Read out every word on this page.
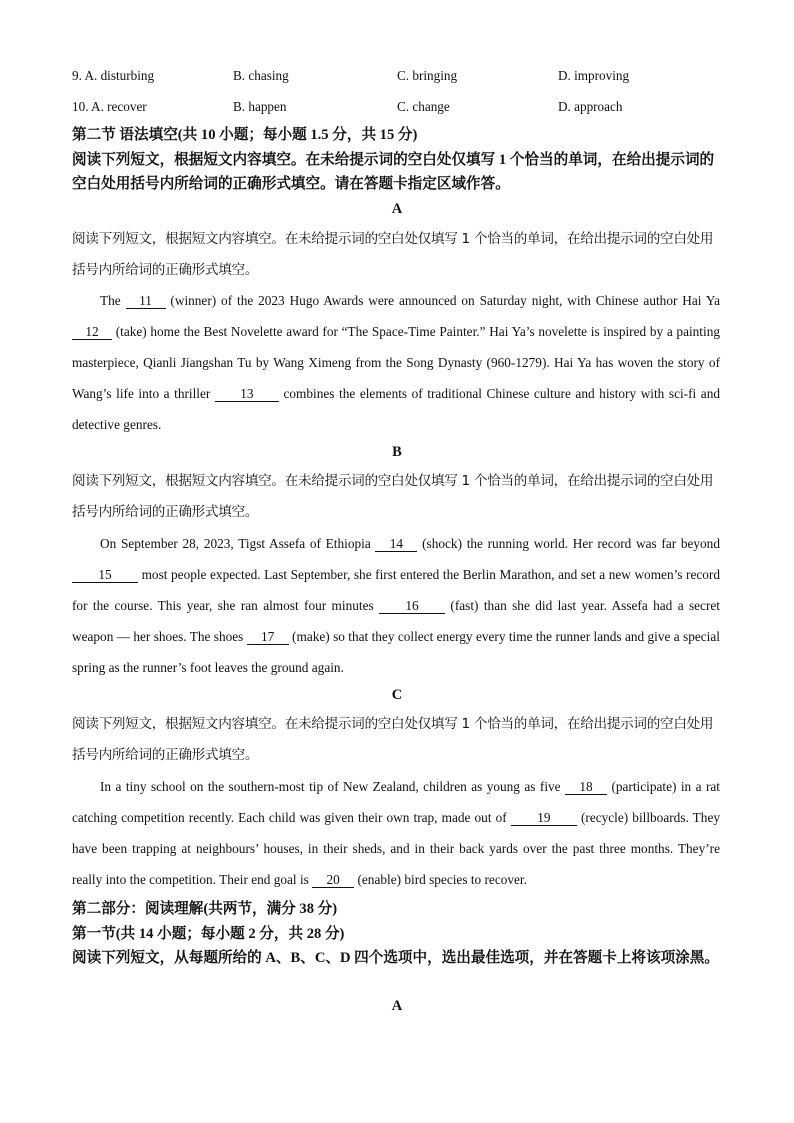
9. A. disturbing	B. chasing	C. bringing	D. improving
10. A. recover	B. happen	C. change	D. approach
第二节 语法填空(共 10 小题；每小题 1.5 分，共 15 分)
阅读下列短文，根据短文内容填空。在未给提示词的空白处仅填写 1 个恰当的单词，在给出提示词的空白处用括号内所给词的正确形式填空。请在答题卡指定区域作答。
A
阅读下列短文，根据短文内容填空。在未给提示词的空白处仅填写 1 个恰当的单词，在给出提示词的空白处用括号内所给词的正确形式填空。
The 11 (winner) of the 2023 Hugo Awards were announced on Saturday night, with Chinese author Hai Ya 12 (take) home the Best Novelette award for “The Space-Time Painter.” Hai Ya’s novelette is inspired by a painting masterpiece, Qianli Jiangshan Tu by Wang Ximeng from the Song Dynasty (960-1279). Hai Ya has woven the story of Wang’s life into a thriller 13 combines the elements of traditional Chinese culture and history with sci-fi and detective genres.
B
阅读下列短文，根据短文内容填空。在未给提示词的空白处仅填写 1 个恰当的单词，在给出提示词的空白处用括号内所给词的正确形式填空。
On September 28, 2023, Tigst Assefa of Ethiopia 14 (shock) the running world. Her record was far beyond 15 most people expected. Last September, she first entered the Berlin Marathon, and set a new women’s record for the course. This year, she ran almost four minutes 16 (fast) than she did last year. Assefa had a secret weapon — her shoes. The shoes 17 (make) so that they collect energy every time the runner lands and give a special spring as the runner’s foot leaves the ground again.
C
阅读下列短文，根据短文内容填空。在未给提示词的空白处仅填写 1 个恰当的单词，在给出提示词的空白处用括号内所给词的正确形式填空。
In a tiny school on the southern-most tip of New Zealand, children as young as five 18 (participate) in a rat catching competition recently. Each child was given their own trap, made out of 19 (recycle) billboards. They have been trapping at neighbours’ houses, in their sheds, and in their back yards over the past three months. They’re really into the competition. Their end goal is 20 (enable) bird species to recover.
第二部分：阅读理解(共两节，满分 38 分)
第一节(共 14 小题；每小题 2 分，共 28 分)
阅读下列短文，从每题所给的 A、B、C、D 四个选项中，选出最佳选项，并在答题卡上将该项涂黑。
A
